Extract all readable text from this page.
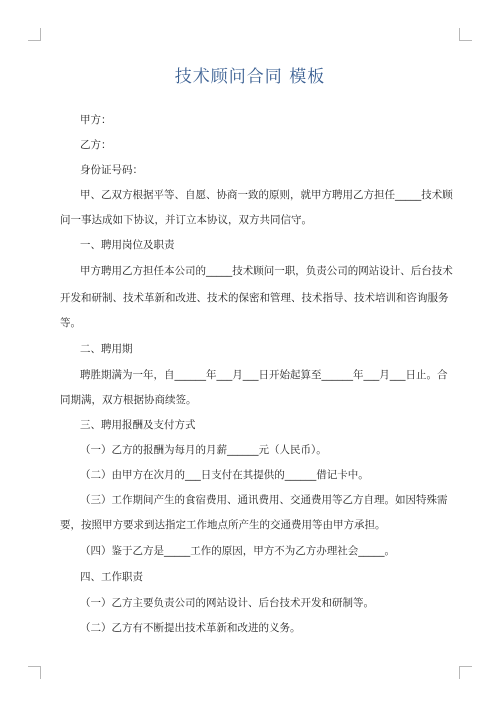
技术顾问合同 模板
甲方：
乙方：
身份证号码：
甲、乙双方根据平等、自愿、协商一致的原则，就甲方聘用乙方担任_____技术顾
问一事达成如下协议，并订立本协议，双方共同信守。
一、聘用岗位及职责
甲方聘用乙方担任本公司的_____技术顾问一职，负责公司的网站设计、后台技术
开发和研制、技术革新和改进、技术的保密和管理、技术指导、技术培训和咨询服务
等。
二、聘用期
聘胜期满为一年，自______年___月___日开始起算至______年___月___日止。合
同期满，双方根据协商续签。
三、聘用报酬及支付方式
（一）乙方的报酬为每月的月薪______元（人民币）。
（二）由甲方在次月的___日支付在其提供的______借记卡中。
（三）工作期间产生的食宿费用、通讯费用、交通费用等乙方自理。如因特殊需
要，按照甲方要求到达指定工作地点所产生的交通费用等由甲方承担。
（四）鉴于乙方是_____工作的原因，甲方不为乙方办理社会_____。
四、工作职责
（一）乙方主要负责公司的网站设计、后台技术开发和研制等。
（二）乙方有不断提出技术革新和改进的义务。
